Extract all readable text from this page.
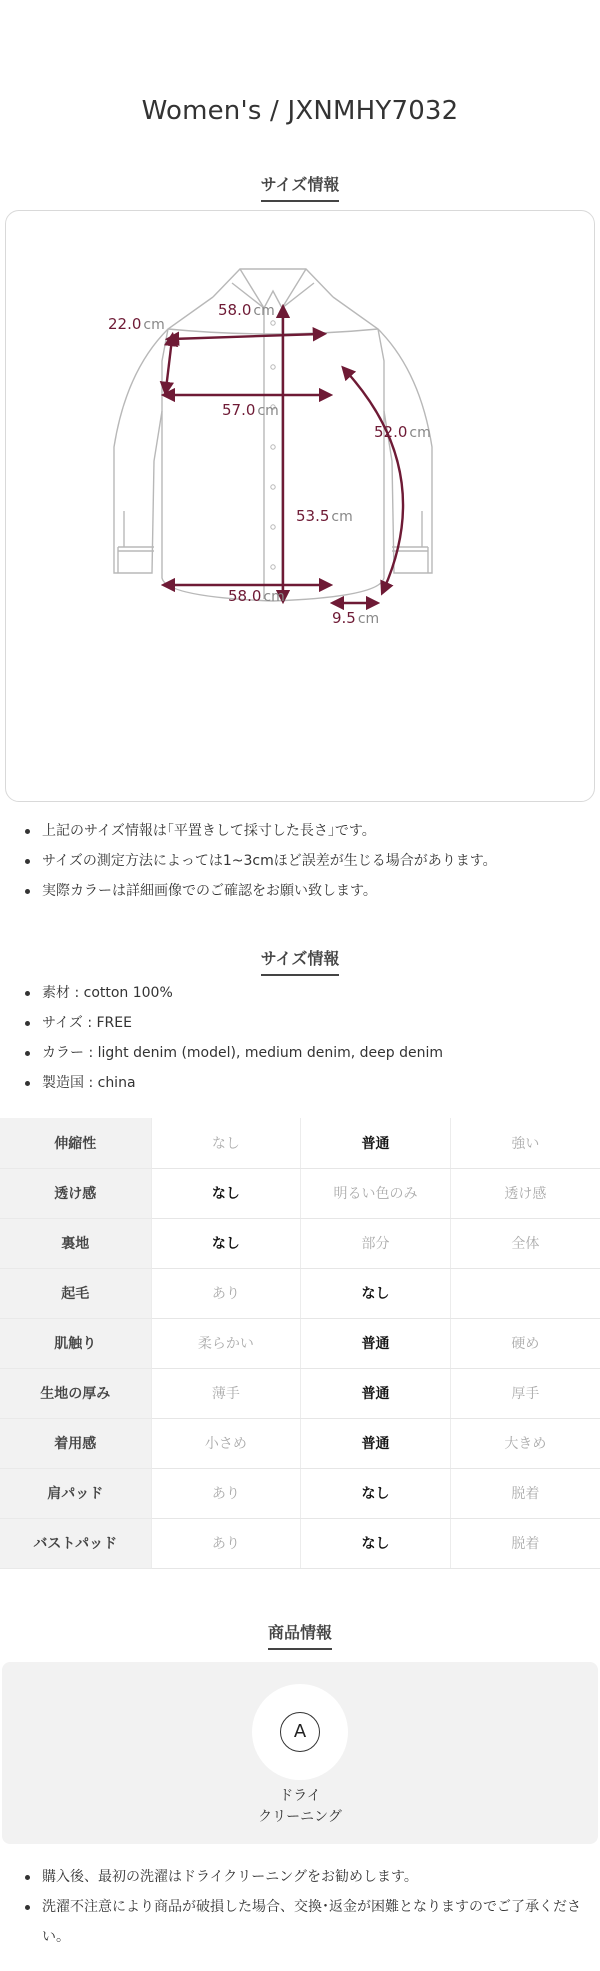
Women's / JXNMHY7032
サイズ情報
22.0 cm
58.0 cm
57.0 cm
52.0 cm
53.5 cm
58.0 cm
9.5 cm
上記のサイズ情報は｢平置きして採寸した長さ｣です。
サイズの測定方法によっては1~3cmほど誤差が生じる場合があります。
実際カラーは詳細画像でのご確認をお願い致します。
サイズ情報
素材 : cotton 100%
サイズ : FREE
カラー : light denim (model), medium denim, deep denim
製造国 : china
伸縮性	なし	普通	強い
透け感	なし	明るい色のみ	透け感
裏地	なし	部分	全体
起毛	あり	なし	
肌触り	柔らかい	普通	硬め
生地の厚み	薄手	普通	厚手
着用感	小さめ	普通	大きめ
肩パッド	あり	なし	脱着
バストパッド	あり	なし	脱着
商品情報
A
ドライ
クリーニング
購入後、最初の洗濯はドライクリーニングをお勧めします。
洗濯不注意により商品が破損した場合、交換･返金が困難となりますのでご了承ください。
